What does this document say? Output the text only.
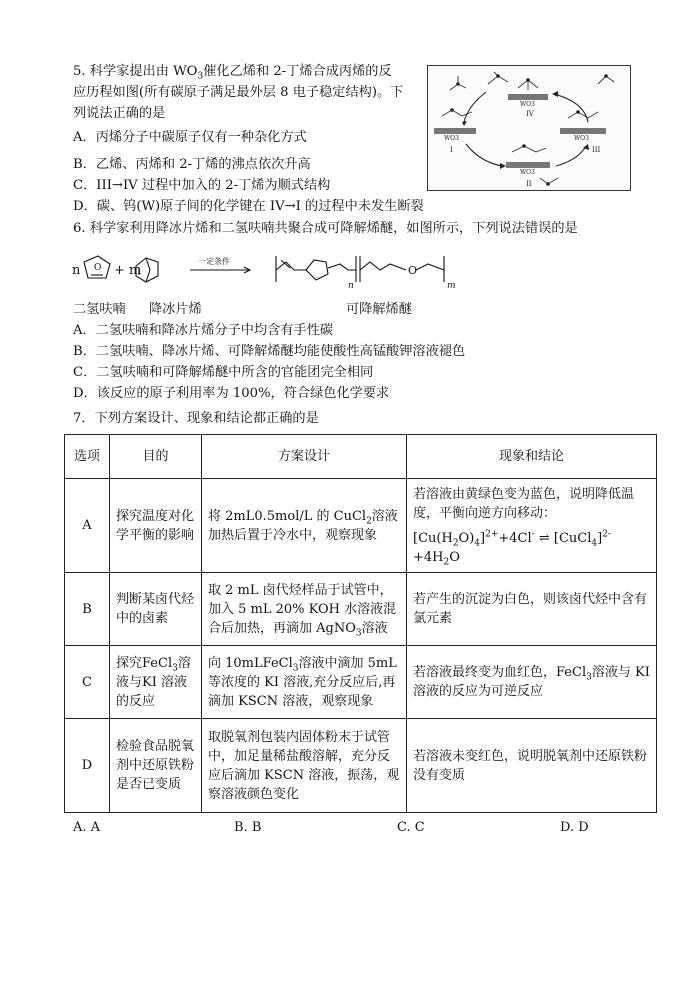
5. 科学家提出由 $WO_3$催化乙烯和 2-丁烯合成丙烯的反
应历程如图(所有碳原子满足最外层 8 电子稳定结构)。下
列说法正确的是
A．丙烯分子中碳原子仅有一种杂化方式
B．乙烯、丙烯和 2-丁烯的沸点依次升高
C．III→IV 过程中加入的 2-丁烯为顺式结构
D．碳、钨(W)原子间的化学键在 IV→I 的过程中未发生断裂
WO3
WO3	WO3
WO3
IV
I	III
II
6. 科学家利用降冰片烯和二氢呋喃共聚合成可降解烯醚，如图所示，下列说法错误的是
n O + m
一定条件
n
O
m
二氢呋喃 降冰片烯	可降解烯醚
A．二氢呋喃和降冰片烯分子中均含有手性碳
B．二氢呋喃、降冰片烯、可降解烯醚均能使酸性高锰酸钾溶液褪色
C．二氢呋喃和可降解烯醚中所含的官能团完全相同
D．该反应的原子利用率为 100%，符合绿色化学要求
7．下列方案设计、现象和结论都正确的是
选项	目的	方案设计	现象和结论
A	探究温度对化学平衡的影响	将 2mL0.5mol/L 的 CuCl$_2$溶液加热后置于冷水中，观察现象	若溶液由黄绿色变为蓝色，说明降低温度，平衡向逆方向移动：
$[Cu(H_2O)_4]^{2+}+4Cl^-$ ⇌ [CuCl$_4$]$^{2-}$ $+4H_2O$
B	判断某卤代烃中的卤素	取 2 mL 卤代烃样品于试管中，加入 5 mL 20% KOH 水溶液混合后加热，再滴加 AgNO$_3$溶液	若产生的沉淀为白色，则该卤代烃中含有氯元素
C	探究FeCl$_3$溶液与KI 溶液的反应	向 10mLFeCl$_3$溶液中滴加 5mL 等浓度的 KI 溶液,充分反应后,再滴加 KSCN 溶液，观察现象	若溶液最终变为血红色，FeCl$_3$溶液与 KI 溶液的反应为可逆反应
D	检验食品脱氧剂中还原铁粉是否已变质	取脱氧剂包装内固体粉末于试管中，加足量稀盐酸溶解，充分反应后滴加 KSCN 溶液，振荡，观察溶液颜色变化	若溶液未变红色，说明脱氧剂中还原铁粉没有变质
A. A	B. B	C. C	D. D
